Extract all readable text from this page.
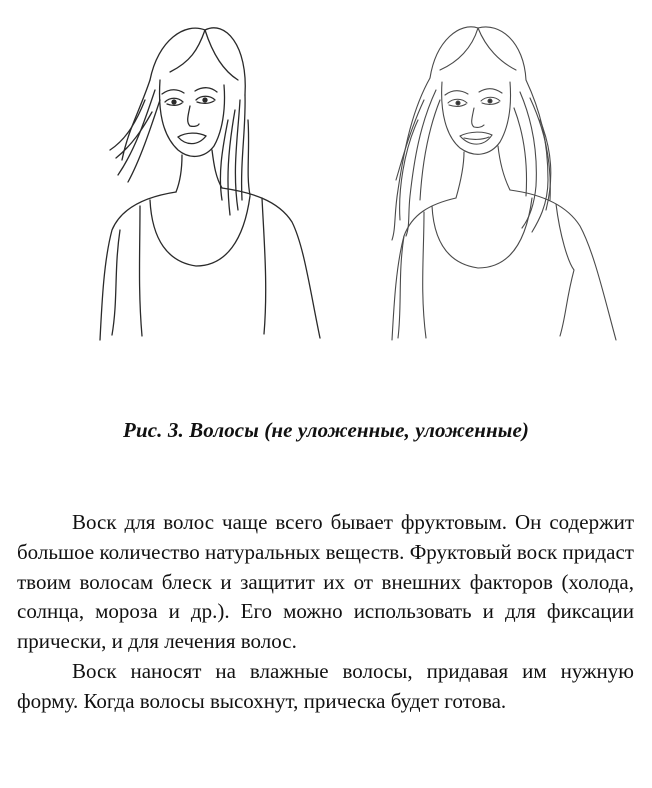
Рис. 3. Волосы (не уложенные, уложенные)

Воск для волос чаще всего бывает фруктовым. Он содержит большое количество натуральных веществ. Фруктовый воск придаст твоим волосам блеск и защитит их от внешних факторов (холода, солнца, мороза и др.). Его можно использовать и для фиксации прически, и для лечения волос.

Воск наносят на влажные волосы, придавая им нужную форму. Когда волосы высохнут, прическа будет готова.
